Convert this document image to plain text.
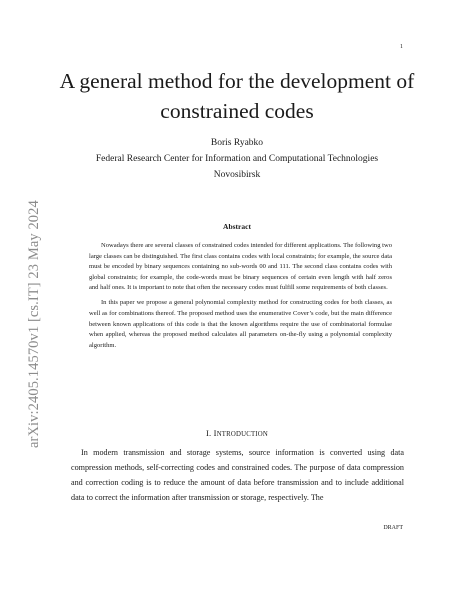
1
arXiv:2405.14570v1 [cs.IT] 23 May 2024
A general method for the development of
constrained codes
Boris Ryabko
Federal Research Center for Information and Computational Technologies
Novosibirsk
Abstract

Nowadays there are several classes of constrained codes intended for different applications. The following two large classes can be distinguished. The first class contains codes with local constraints; for example, the source data must be encoded by binary sequences containing no sub-words 00 and 111. The second class contains codes with global constraints; for example, the code-words must be binary sequences of certain even length with half zeros and half ones. It is important to note that often the necessary codes must fulfill some requirements of both classes.

In this paper we propose a general polynomial complexity method for constructing codes for both classes, as well as for combinations thereof. The proposed method uses the enumerative Cover’s code, but the main difference between known applications of this code is that the known algorithms require the use of combinatorial formulae when applied, whereas the proposed method calculates all parameters on-the-fly using a polynomial complexity algorithm.

I. INTRODUCTION

In modern transmission and storage systems, source information is converted using data compression methods, self-correcting codes and constrained codes. The purpose of data compression and correction coding is to reduce the amount of data before transmission and to include additional data to correct the information after transmission or storage, respectively. The

DRAFT
